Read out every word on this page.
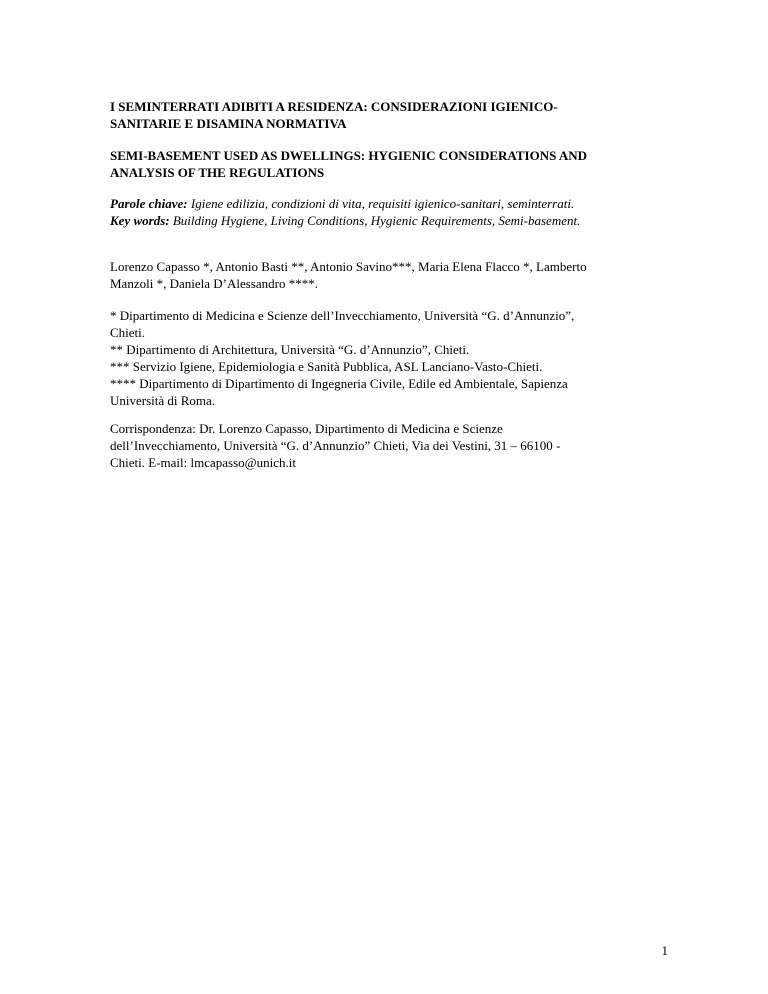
I SEMINTERRATI ADIBITI A RESIDENZA: CONSIDERAZIONI IGIENICO-
SANITARIE E DISAMINA NORMATIVA
SEMI-BASEMENT USED AS DWELLINGS: HYGIENIC CONSIDERATIONS AND
ANALYSIS OF THE REGULATIONS
Parole chiave: Igiene edilizia, condizioni di vita, requisiti igienico-sanitari, seminterrati.
Key words: Building Hygiene, Living Conditions, Hygienic Requirements, Semi-basement.
Lorenzo Capasso *, Antonio Basti **, Antonio Savino***, Maria Elena Flacco *, Lamberto
Manzoli *, Daniela D’Alessandro ****.
* Dipartimento di Medicina e Scienze dell’Invecchiamento, Università “G. d’Annunzio”,
Chieti.
** Dipartimento di Architettura, Università “G. d’Annunzio”, Chieti.
*** Servizio Igiene, Epidemiologia e Sanità Pubblica, ASL Lanciano-Vasto-Chieti.
**** Dipartimento di Dipartimento di Ingegneria Civile, Edile ed Ambientale, Sapienza
Università di Roma.
Corrispondenza: Dr. Lorenzo Capasso, Dipartimento di Medicina e Scienze
dell’Invecchiamento, Università “G. d’Annunzio” Chieti, Via dei Vestini, 31 – 66100 -
Chieti. E-mail: lmcapasso@unich.it
1
